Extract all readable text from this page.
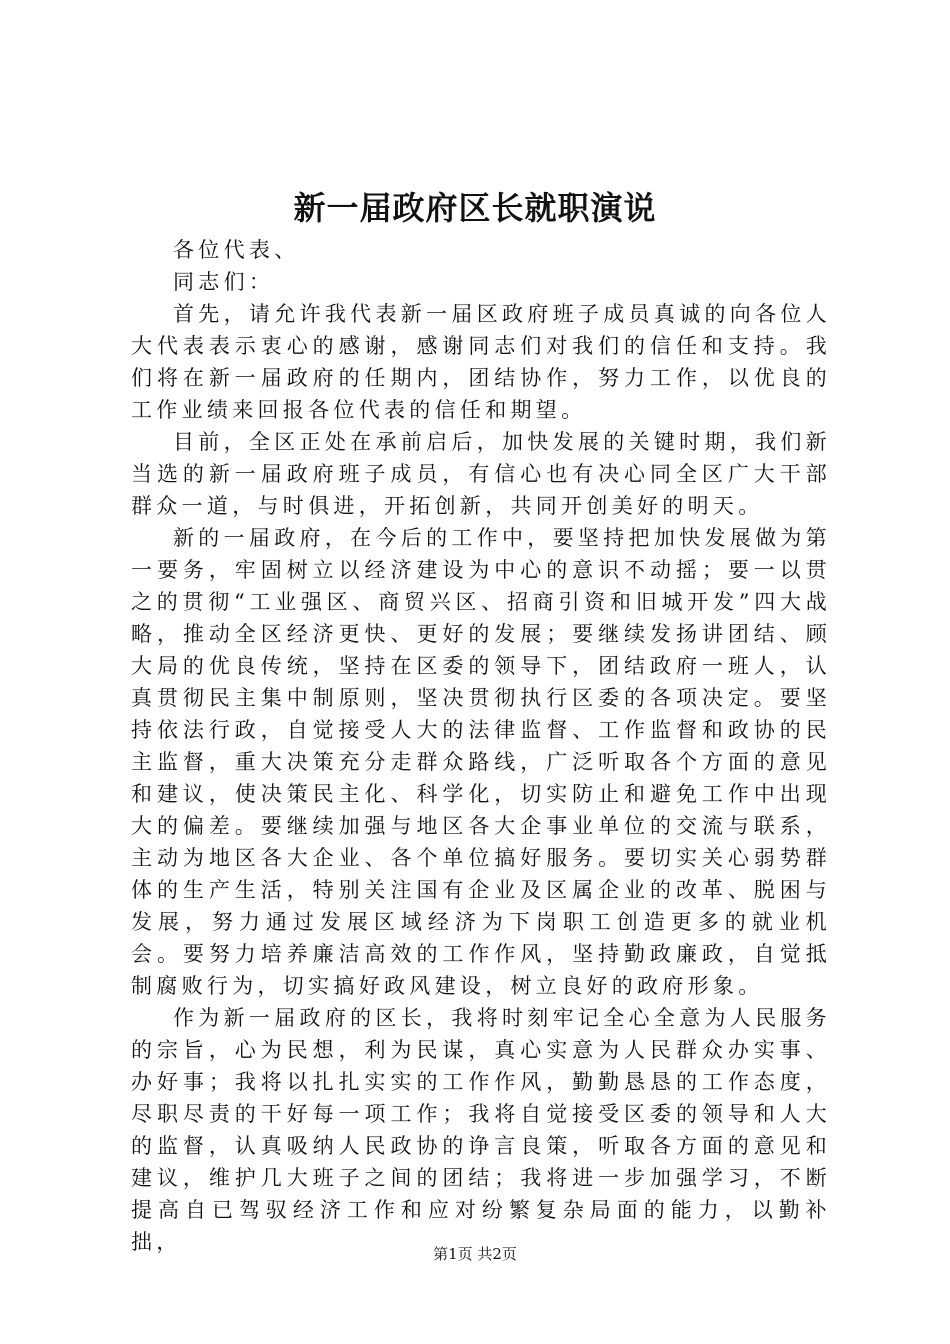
新一届政府区长就职演说

各位代表、

同志们：

首先，请允许我代表新一届区政府班子成员真诚的向各位人大代表表示衷心的感谢，感谢同志们对我们的信任和支持。我们将在新一届政府的任期内，团结协作，努力工作，以优良的工作业绩来回报各位代表的信任和期望。

目前，全区正处在承前启后，加快发展的关键时期，我们新当选的新一届政府班子成员，有信心也有决心同全区广大干部群众一道，与时俱进，开拓创新，共同开创美好的明天。

新的一届政府，在今后的工作中，要坚持把加快发展做为第一要务，牢固树立以经济建设为中心的意识不动摇；要一以贯之的贯彻“工业强区、商贸兴区、招商引资和旧城开发”四大战略，推动全区经济更快、更好的发展；要继续发扬讲团结、顾大局的优良传统，坚持在区委的领导下，团结政府一班人，认真贯彻民主集中制原则，坚决贯彻执行区委的各项决定。要坚持依法行政，自觉接受人大的法律监督、工作监督和政协的民主监督，重大决策充分走群众路线，广泛听取各个方面的意见和建议，使决策民主化、科学化，切实防止和避免工作中出现大的偏差。要继续加强与地区各大企事业单位的交流与联系，主动为地区各大企业、各个单位搞好服务。要切实关心弱势群体的生产生活，特别关注国有企业及区属企业的改革、脱困与发展，努力通过发展区域经济为下岗职工创造更多的就业机会。要努力培养廉洁高效的工作作风，坚持勤政廉政，自觉抵制腐败行为，切实搞好政风建设，树立良好的政府形象。

作为新一届政府的区长，我将时刻牢记全心全意为人民服务的宗旨，心为民想，利为民谋，真心实意为人民群众办实事、办好事；我将以扎扎实实的工作作风，勤勤恳恳的工作态度，尽职尽责的干好每一项工作；我将自觉接受区委的领导和人大的监督，认真吸纳人民政协的诤言良策，听取各方面的意见和建议，维护几大班子之间的团结；我将进一步加强学习，不断提高自已驾驭经济工作和应对纷繁复杂局面的能力，以勤补拙，	第1页 共2页
